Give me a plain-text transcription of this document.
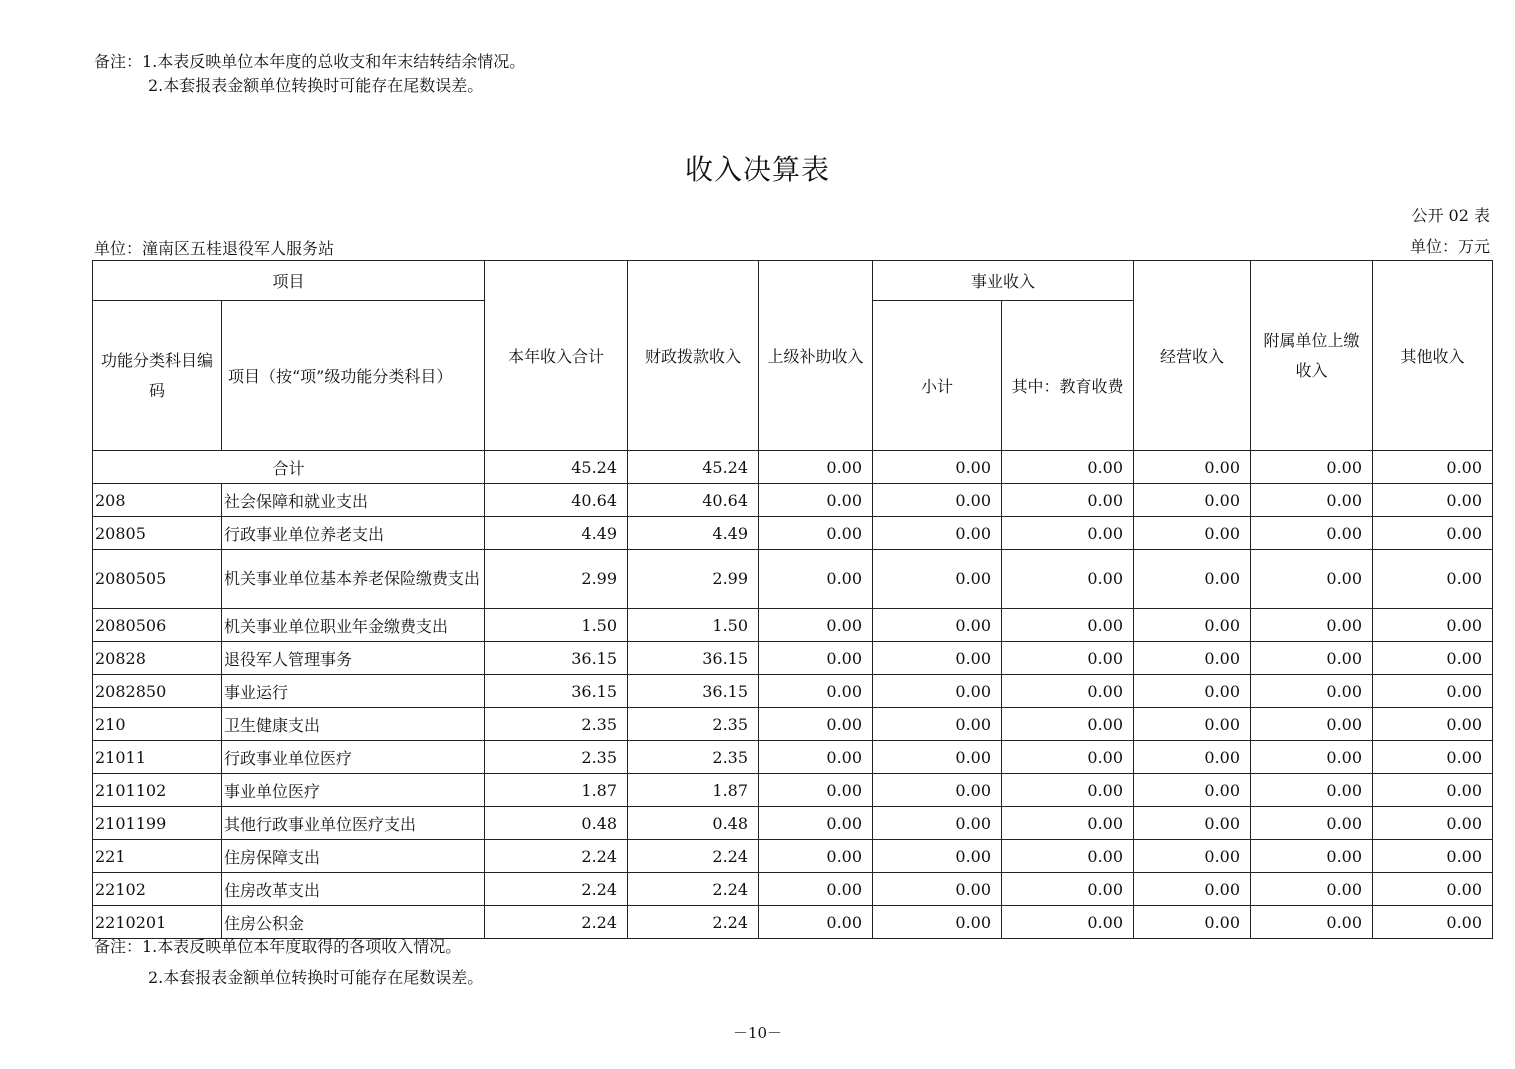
备注：1.本表反映单位本年度的总收支和年末结转结余情况。
2.本套报表金额单位转换时可能存在尾数误差。
收入决算表
公开 02 表
单位：潼南区五桂退役军人服务站	单位：万元
项目		本年收入合计	财政拨款收入	上级补助收入	事业收入		经营收入	附属单位上缴收入	其他收入
功能分类科目编码	项目（按“项”级功能分类科目）				小计	其中：教育收费			
合计		45.24	45.24	0.00	0.00	0.00	0.00	0.00	0.00
208	社会保障和就业支出	40.64	40.64	0.00	0.00	0.00	0.00	0.00	0.00
20805	行政事业单位养老支出	4.49	4.49	0.00	0.00	0.00	0.00	0.00	0.00
2080505	机关事业单位基本养老保险缴费支出	2.99	2.99	0.00	0.00	0.00	0.00	0.00	0.00
2080506	机关事业单位职业年金缴费支出	1.50	1.50	0.00	0.00	0.00	0.00	0.00	0.00
20828	退役军人管理事务	36.15	36.15	0.00	0.00	0.00	0.00	0.00	0.00
2082850	事业运行	36.15	36.15	0.00	0.00	0.00	0.00	0.00	0.00
210	卫生健康支出	2.35	2.35	0.00	0.00	0.00	0.00	0.00	0.00
21011	行政事业单位医疗	2.35	2.35	0.00	0.00	0.00	0.00	0.00	0.00
2101102	事业单位医疗	1.87	1.87	0.00	0.00	0.00	0.00	0.00	0.00
2101199	其他行政事业单位医疗支出	0.48	0.48	0.00	0.00	0.00	0.00	0.00	0.00
221	住房保障支出	2.24	2.24	0.00	0.00	0.00	0.00	0.00	0.00
22102	住房改革支出	2.24	2.24	0.00	0.00	0.00	0.00	0.00	0.00
2210201	住房公积金	2.24	2.24	0.00	0.00	0.00	0.00	0.00	0.00
备注：1.本表反映单位本年度取得的各项收入情况。
2.本套报表金额单位转换时可能存在尾数误差。
－10－
